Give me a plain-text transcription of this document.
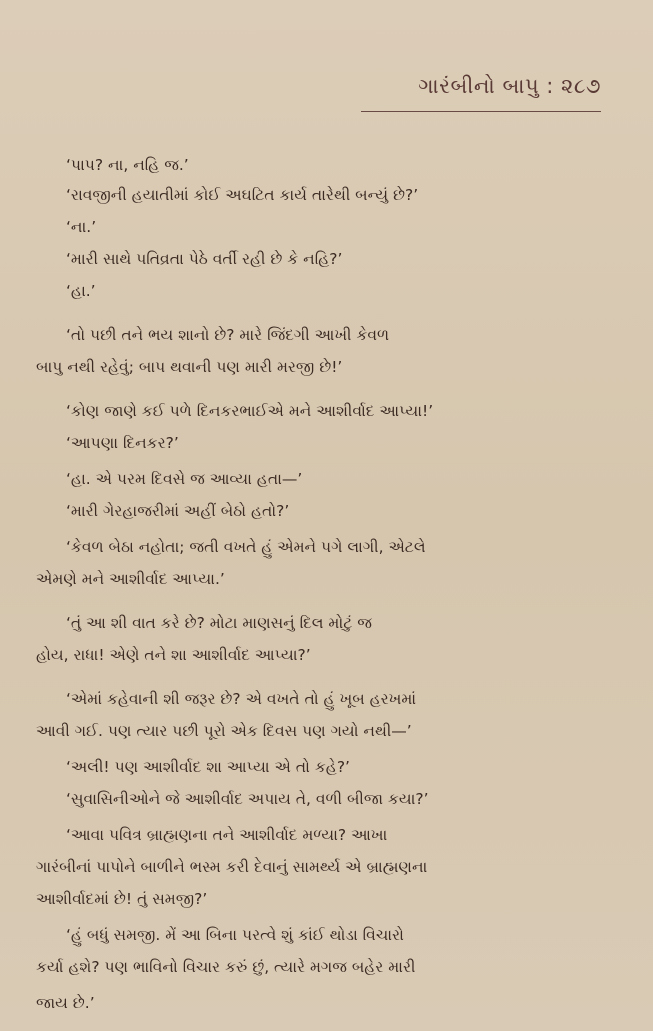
ગારંબીનો બાપુ : ૨૮૭

‘પાપ? ના, નહિ જ.’

‘રાવજીની હયાતીમાં કોઈ અઘટિત કાર્ય તારેથી બન્યું છે?’

‘ના.’

‘મારી સાથે પતિવ્રતા પેઠે વર્તી રહી છે કે નહિ?’

‘હા.’

‘તો પછી તને ભય શાનો છે? મારે જિંદગી આખી કેવળ

બાપુ નથી રહેવું; બાપ થવાની પણ મારી મરજી છે!’

‘કોણ જાણે કઈ પળે દિનકરભાઈએ મને આશીર્વાદ આપ્યા!’

‘આપણા દિનકર?’

‘હા. એ પરમ દિવસે જ આવ્યા હતા—’

‘મારી ગેરહાજરીમાં અહીં બેઠો હતો?’

‘કેવળ બેઠા નહોતા; જતી વખતે હું એમને પગે લાગી, એટલે

એમણે મને આશીર્વાદ આપ્યા.’

‘તું આ શી વાત કરે છે? મોટા માણસનું દિલ મોટું જ

હોય, રાધા! એણે તને શા આશીર્વાદ આપ્યા?’

‘એમાં કહેવાની શી જરૂર છે? એ વખતે તો હું ખૂબ હરખમાં

આવી ગઈ. પણ ત્યાર પછી પૂરો એક દિવસ પણ ગયો નથી—’

‘અલી! પણ આશીર્વાદ શા આપ્યા એ તો કહે?’

‘સુવાસિનીઓને જે આશીર્વાદ અપાય તે, વળી બીજા કયા?’

‘આવા પવિત્ર બ્રાહ્મણના તને આશીર્વાદ મળ્યા? આખા

ગારંબીનાં પાપોને બાળીને ભસ્મ કરી દેવાનું સામર્થ્ય એ બ્રાહ્મણના

આશીર્વાદમાં છે! તું સમજી?’

‘હું બધું સમજી. મેં આ બિના પરત્વે શું કાંઈ થોડા વિચારો

કર્યા હશે? પણ ભાવિનો વિચાર કરું છું, ત્યારે મગજ બહેર મારી

જાય છે.’
